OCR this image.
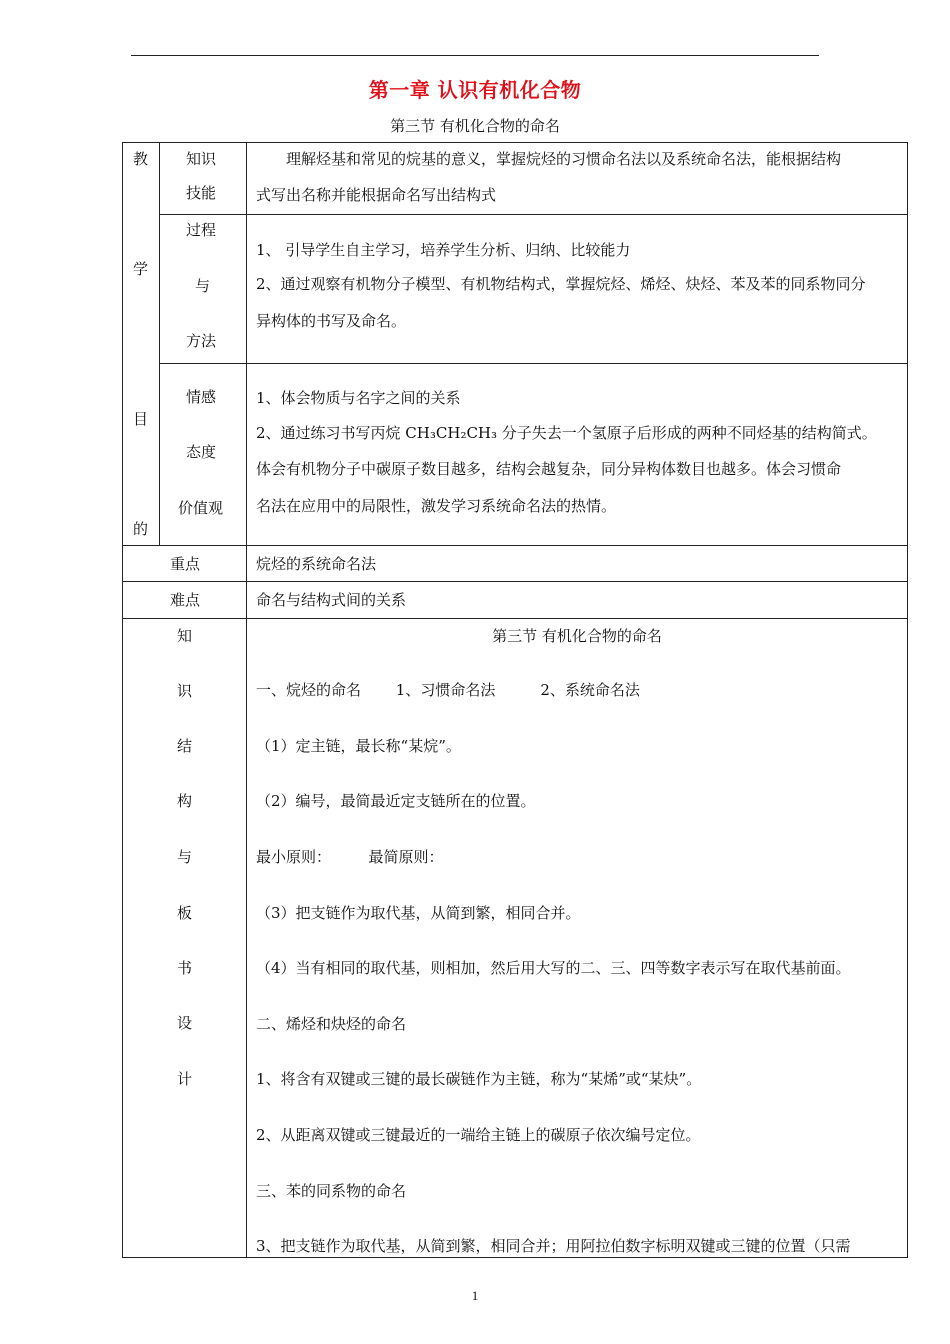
第一章 认识有机化合物
第三节 有机化合物的命名
教
学
目
的
知识
技能
　　理解烃基和常见的烷基的意义，掌握烷烃的习惯命名法以及系统命名法，能根据结构
式写出名称并能根据命名写出结构式
过程
与
方法
1、 引导学生自主学习，培养学生分析、归纳、比较能力
2、通过观察有机物分子模型、有机物结构式，掌握烷烃、烯烃、炔烃、苯及苯的同系物同分
异构体的书写及命名。
情感
态度
价值观
1、体会物质与名字之间的关系
2、通过练习书写丙烷 CH₃CH₂CH₃ 分子失去一个氢原子后形成的两种不同烃基的结构简式。
体会有机物分子中碳原子数目越多，结构会越复杂，同分异构体数目也越多。体会习惯命
名法在应用中的局限性，激发学习系统命名法的热情。
重点	烷烃的系统命名法
难点	命名与结构式间的关系
知
识
结
构
与
板
书
设
计
第三节 有机化合物的命名
一、烷烃的命名　　 1、习惯命名法　　　2、系统命名法
（1）定主链，最长称“某烷”。
（2）编号，最简最近定支链所在的位置。
最小原则：　　　最简原则：
（3）把支链作为取代基，从简到繁，相同合并。
（4）当有相同的取代基，则相加，然后用大写的二、三、四等数字表示写在取代基前面。
二、烯烃和炔烃的命名
1、将含有双键或三键的最长碳链作为主链，称为“某烯”或“某炔”。
2、从距离双键或三键最近的一端给主链上的碳原子依次编号定位。
三、苯的同系物的命名
3、把支链作为取代基，从简到繁，相同合并；用阿拉伯数字标明双键或三键的位置（只需
1
